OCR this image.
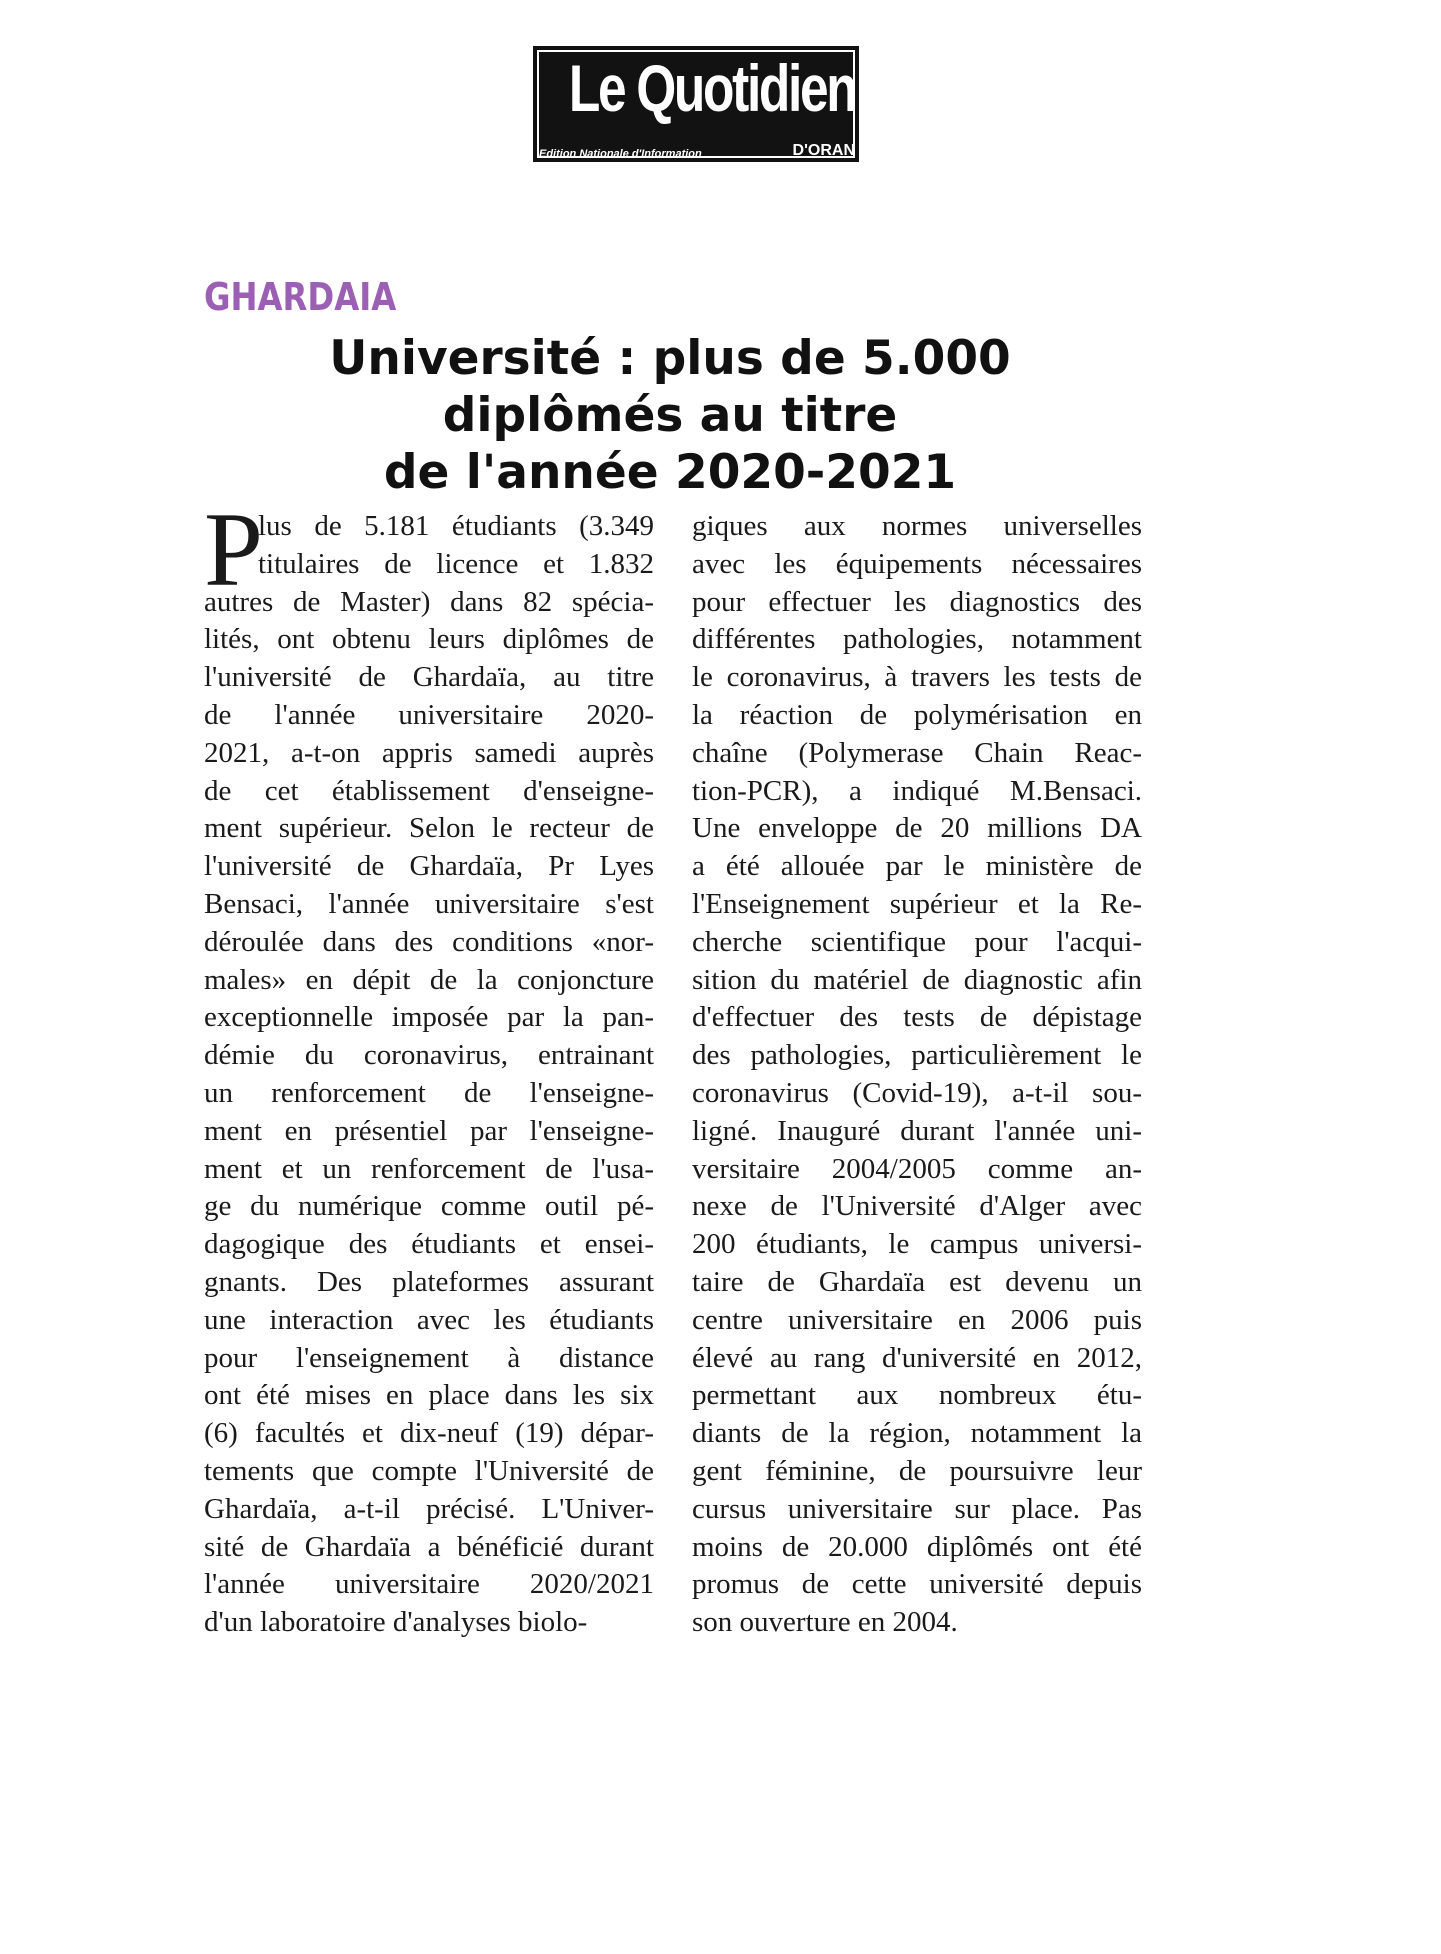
Le Quotidien
Edition Nationale d'Information	D'ORAN
GHARDAIA
Université : plus de 5.000
diplômés au titre
de l'année 2020-2021
P
lus de 5.181 étudiants (3.349
titulaires de licence et 1.832
autres de Master) dans 82 spécia-
lités, ont obtenu leurs diplômes de
l'université de Ghardaïa, au titre
de l'année universitaire 2020-
2021, a-t-on appris samedi auprès
de cet établissement d'enseigne-
ment supérieur. Selon le recteur de
l'université de Ghardaïa, Pr Lyes
Bensaci, l'année universitaire s'est
déroulée dans des conditions «nor-
males» en dépit de la conjoncture
exceptionnelle imposée par la pan-
démie du coronavirus, entrainant
un renforcement de l'enseigne-
ment en présentiel par l'enseigne-
ment et un renforcement de l'usa-
ge du numérique comme outil pé-
dagogique des étudiants et ensei-
gnants. Des plateformes assurant
une interaction avec les étudiants
pour l'enseignement à distance
ont été mises en place dans les six
(6) facultés et dix-neuf (19) dépar-
tements que compte l'Université de
Ghardaïa, a-t-il précisé. L'Univer-
sité de Ghardaïa a bénéficié durant
l'année universitaire 2020/2021
d'un laboratoire d'analyses biolo-
giques aux normes universelles
avec les équipements nécessaires
pour effectuer les diagnostics des
différentes pathologies, notamment
le coronavirus, à travers les tests de
la réaction de polymérisation en
chaîne (Polymerase Chain Reac-
tion-PCR), a indiqué M.Bensaci.
Une enveloppe de 20 millions DA
a été allouée par le ministère de
l'Enseignement supérieur et la Re-
cherche scientifique pour l'acqui-
sition du matériel de diagnostic afin
d'effectuer des tests de dépistage
des pathologies, particulièrement le
coronavirus (Covid-19), a-t-il sou-
ligné. Inauguré durant l'année uni-
versitaire 2004/2005 comme an-
nexe de l'Université d'Alger avec
200 étudiants, le campus universi-
taire de Ghardaïa est devenu un
centre universitaire en 2006 puis
élevé au rang d'université en 2012,
permettant aux nombreux étu-
diants de la région, notamment la
gent féminine, de poursuivre leur
cursus universitaire sur place. Pas
moins de 20.000 diplômés ont été
promus de cette université depuis
son ouverture en 2004.
